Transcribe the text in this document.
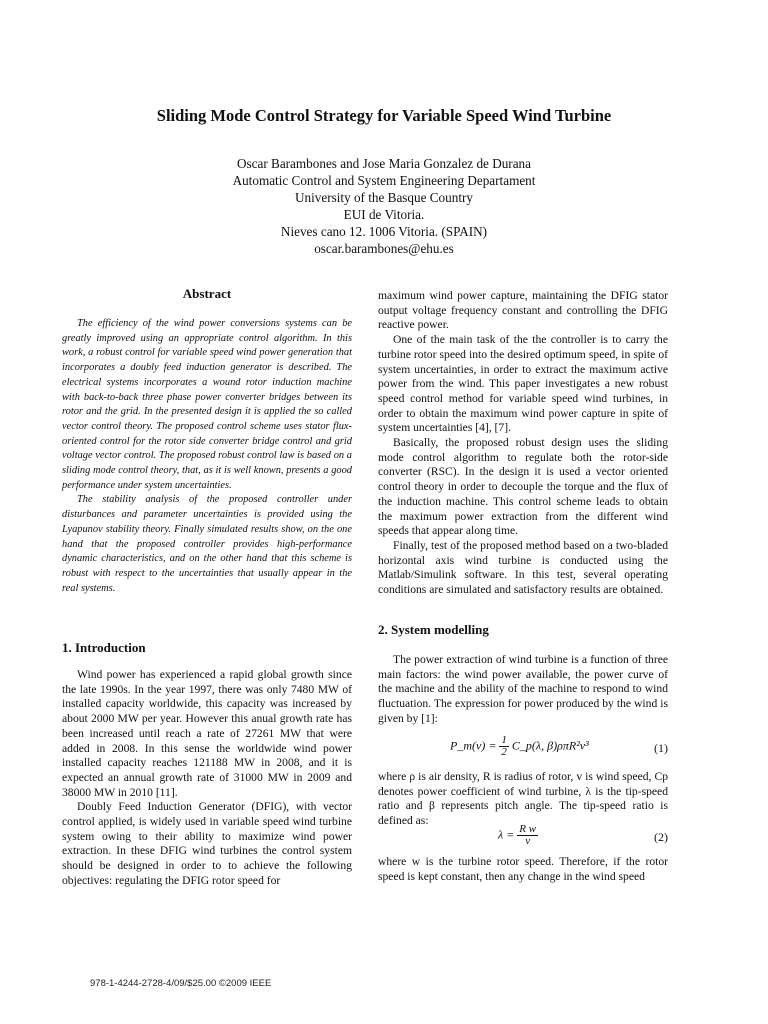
Sliding Mode Control Strategy for Variable Speed Wind Turbine
Oscar Barambones and Jose Maria Gonzalez de Durana
Automatic Control and System Engineering Departament
University of the Basque Country
EUI de Vitoria.
Nieves cano 12. 1006 Vitoria. (SPAIN)
oscar.barambones@ehu.es
Abstract

The efficiency of the wind power conversions systems can be greatly improved using an appropriate control algorithm. In this work, a robust control for variable speed wind power generation that incorporates a doubly feed induction generator is described. The electrical systems incorporates a wound rotor induction machine with back-to-back three phase power converter bridges between its rotor and the grid. In the presented design it is applied the so called vector control theory. The proposed control scheme uses stator flux-oriented control for the rotor side converter bridge control and grid voltage vector control. The proposed robust control law is based on a sliding mode control theory, that, as it is well known, presents a good performance under system uncertainties.

The stability analysis of the proposed controller under disturbances and parameter uncertainties is provided using the Lyapunov stability theory. Finally simulated results show, on the one hand that the proposed controller provides high-performance dynamic characteristics, and on the other hand that this scheme is robust with respect to the uncertainties that usually appear in the real systems.

1. Introduction

Wind power has experienced a rapid global growth since the late 1990s. In the year 1997, there was only 7480 MW of installed capacity worldwide, this capacity was increased by about 2000 MW per year. However this anual growth rate has been increased until reach a rate of 27261 MW that were added in 2008. In this sense the worldwide wind power installed capacity reaches 121188 MW in 2008, and it is expected an annual growth rate of 31000 MW in 2009 and 38000 MW in 2010 [11].

Doubly Feed Induction Generator (DFIG), with vector control applied, is widely used in variable speed wind turbine system owing to their ability to maximize wind power extraction. In these DFIG wind turbines the control system should be designed in order to to achieve the following objectives: regulating the DFIG rotor speed for

maximum wind power capture, maintaining the DFIG stator output voltage frequency constant and controlling the DFIG reactive power.

One of the main task of the the controller is to carry the turbine rotor speed into the desired optimum speed, in spite of system uncertainties, in order to extract the maximum active power from the wind. This paper investigates a new robust speed control method for variable speed wind turbines, in order to obtain the maximum wind power capture in spite of system uncertainties [4], [7].

Basically, the proposed robust design uses the sliding mode control algorithm to regulate both the rotor-side converter (RSC). In the design it is used a vector oriented control theory in order to decouple the torque and the flux of the induction machine. This control scheme leads to obtain the maximum power extraction from the different wind speeds that appear along time.

Finally, test of the proposed method based on a two-bladed horizontal axis wind turbine is conducted using the Matlab/Simulink software. In this test, several operating conditions are simulated and satisfactory results are obtained.

2. System modelling

The power extraction of wind turbine is a function of three main factors: the wind power available, the power curve of the machine and the ability of the machine to respond to wind fluctuation. The expression for power produced by the wind is given by [1]:

P_m(v) = $\frac{1}{2}$ C_p(λ, β)ρπR²v³	(1)

where ρ is air density, R is radius of rotor, v is wind speed, Cp denotes power coefficient of wind turbine, λ is the tip-speed ratio and β represents pitch angle. The tip-speed ratio is defined as:

$\lambda = \frac{\text{R w}}{v}$	(2)

where w is the turbine rotor speed. Therefore, if the rotor speed is kept constant, then any change in the wind speed

978-1-4244-2728-4/09/$25.00 ©2009 IEEE
